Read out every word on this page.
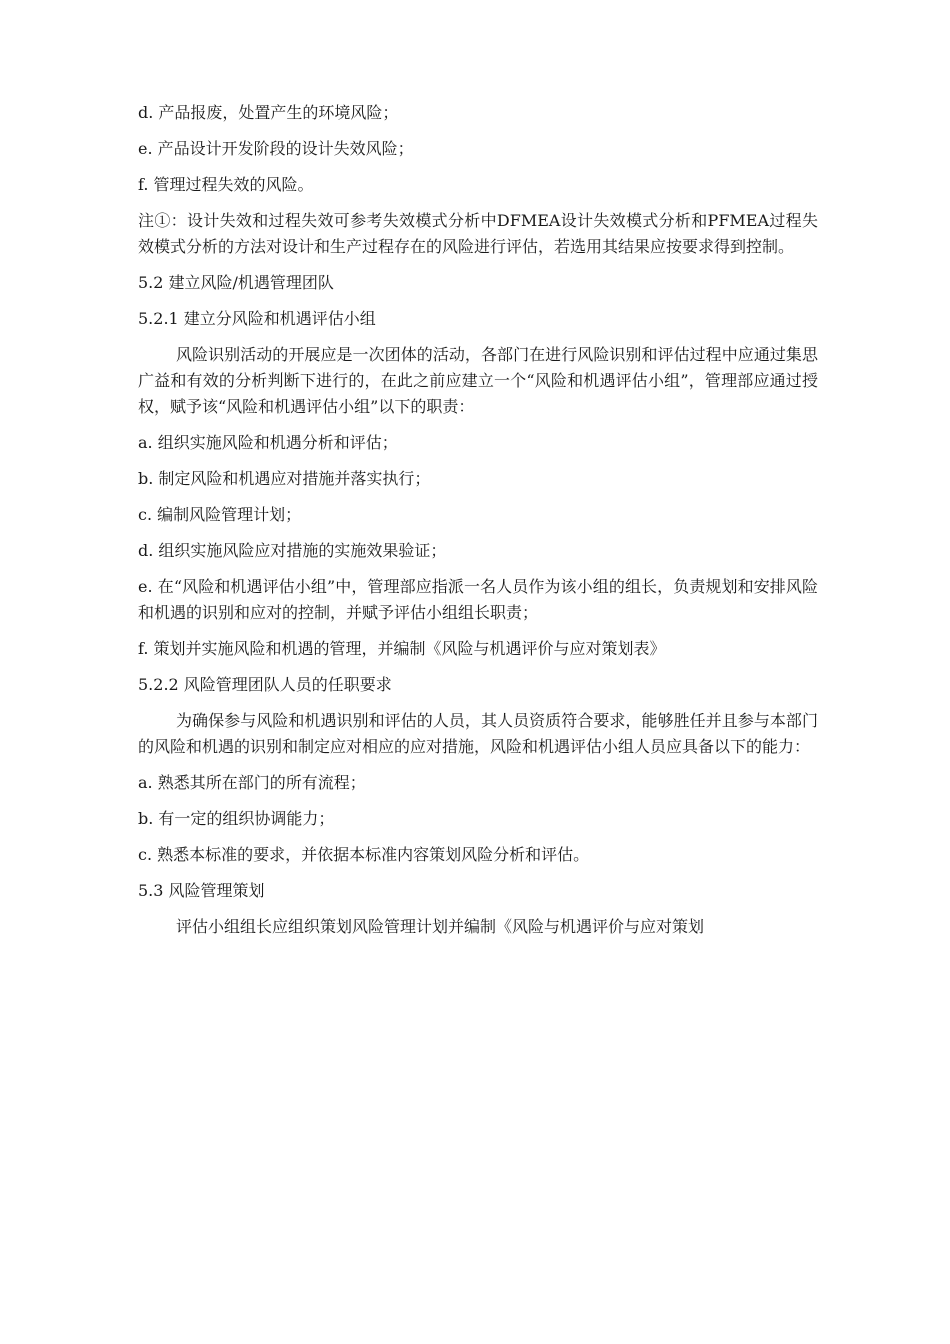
d. 产品报废，处置产生的环境风险；

e. 产品设计开发阶段的设计失效风险；

f. 管理过程失效的风险。

注①：设计失效和过程失效可参考失效模式分析中DFMEA设计失效模式分析和PFMEA过程失效模式分析的方法对设计和生产过程存在的风险进行评估，若选用其结果应按要求得到控制。

5.2 建立风险/机遇管理团队

5.2.1 建立分风险和机遇评估小组

风险识别活动的开展应是一次团体的活动，各部门在进行风险识别和评估过程中应通过集思广益和有效的分析判断下进行的，在此之前应建立一个“风险和机遇评估小组”，管理部应通过授权，赋予该“风险和机遇评估小组”以下的职责：

a. 组织实施风险和机遇分析和评估；

b. 制定风险和机遇应对措施并落实执行；

c. 编制风险管理计划；

d. 组织实施风险应对措施的实施效果验证；

e. 在“风险和机遇评估小组”中，管理部应指派一名人员作为该小组的组长，负责规划和安排风险和机遇的识别和应对的控制，并赋予评估小组组长职责；

f. 策划并实施风险和机遇的管理，并编制《风险与机遇评价与应对策划表》

5.2.2 风险管理团队人员的任职要求

为确保参与风险和机遇识别和评估的人员，其人员资质符合要求，能够胜任并且参与本部门的风险和机遇的识别和制定应对相应的应对措施，风险和机遇评估小组人员应具备以下的能力：

a. 熟悉其所在部门的所有流程；

b. 有一定的组织协调能力；

c. 熟悉本标准的要求，并依据本标准内容策划风险分析和评估。

5.3 风险管理策划

评估小组组长应组织策划风险管理计划并编制《风险与机遇评价与应对策划
